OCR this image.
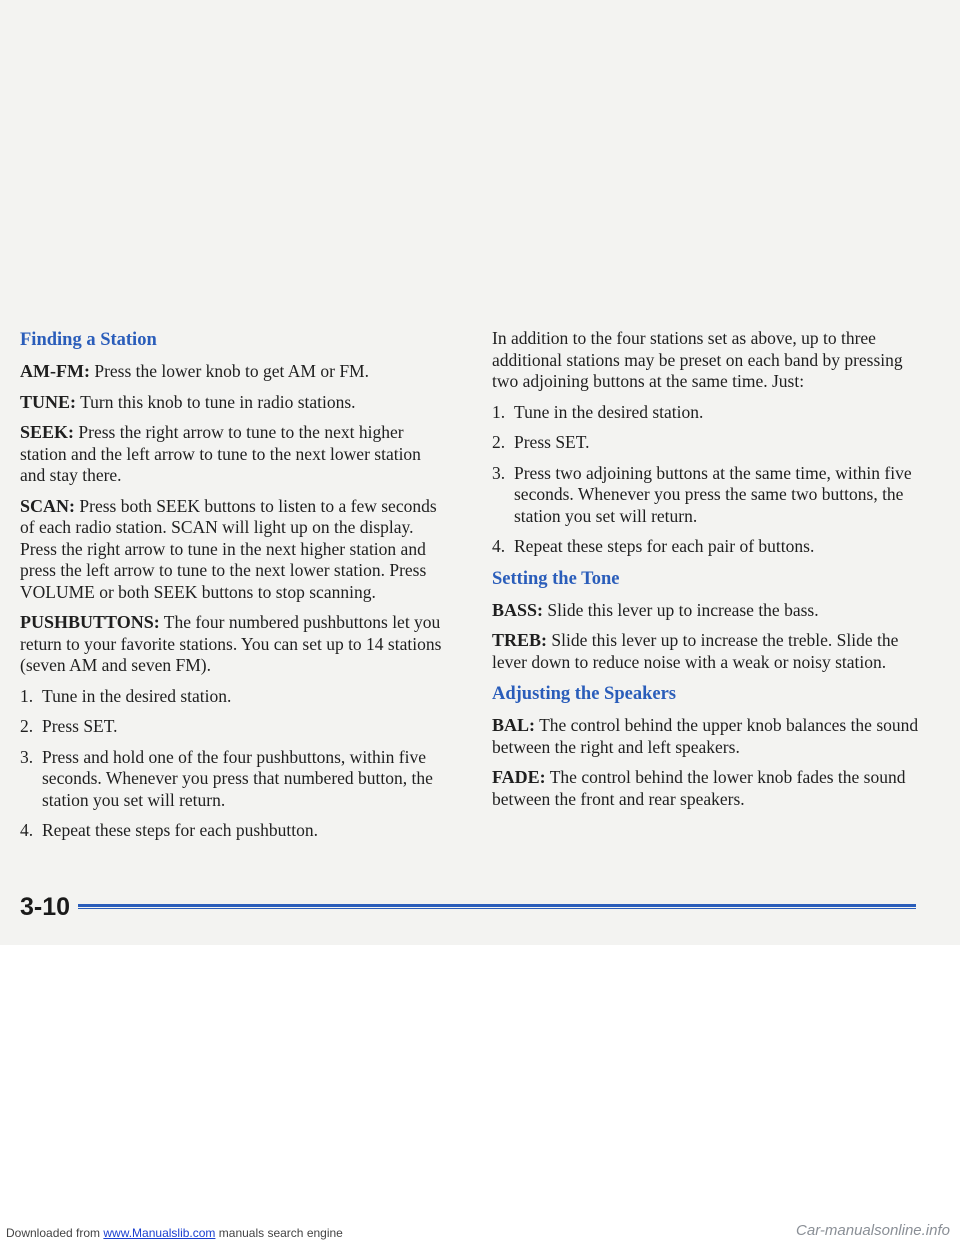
Finding a Station

AM-FM: Press the lower knob to get AM or FM.

TUNE: Turn this knob to tune in radio stations.

SEEK: Press the right arrow to tune to the next higher station and the left arrow to tune to the next lower station and stay there.

SCAN: Press both SEEK buttons to listen to a few seconds of each radio station. SCAN will light up on the display. Press the right arrow to tune in the next higher station and press the left arrow to tune to the next lower station. Press VOLUME or both SEEK buttons to stop scanning.

PUSHBUTTONS: The four numbered pushbuttons let you return to your favorite stations. You can set up to 14 stations (seven AM and seven FM).

1. Tune in the desired station.
2. Press SET.
3. Press and hold one of the four pushbuttons, within five seconds. Whenever you press that numbered button, the station you set will return.
4. Repeat these steps for each pushbutton.

In addition to the four stations set as above, up to three additional stations may be preset on each band by pressing two adjoining buttons at the same time. Just:

1. Tune in the desired station.
2. Press SET.
3. Press two adjoining buttons at the same time, within five seconds. Whenever you press the same two buttons, the station you set will return.
4. Repeat these steps for each pair of buttons.
Setting the Tone

BASS: Slide this lever up to increase the bass.

TREB: Slide this lever up to increase the treble. Slide the lever down to reduce noise with a weak or noisy station.

Adjusting the Speakers

BAL: The control behind the upper knob balances the sound between the right and left speakers.

FADE: The control behind the lower knob fades the sound between the front and rear speakers.

3-10
Downloaded from www.Manualslib.com manuals search engine	Car-manualsonline.info
